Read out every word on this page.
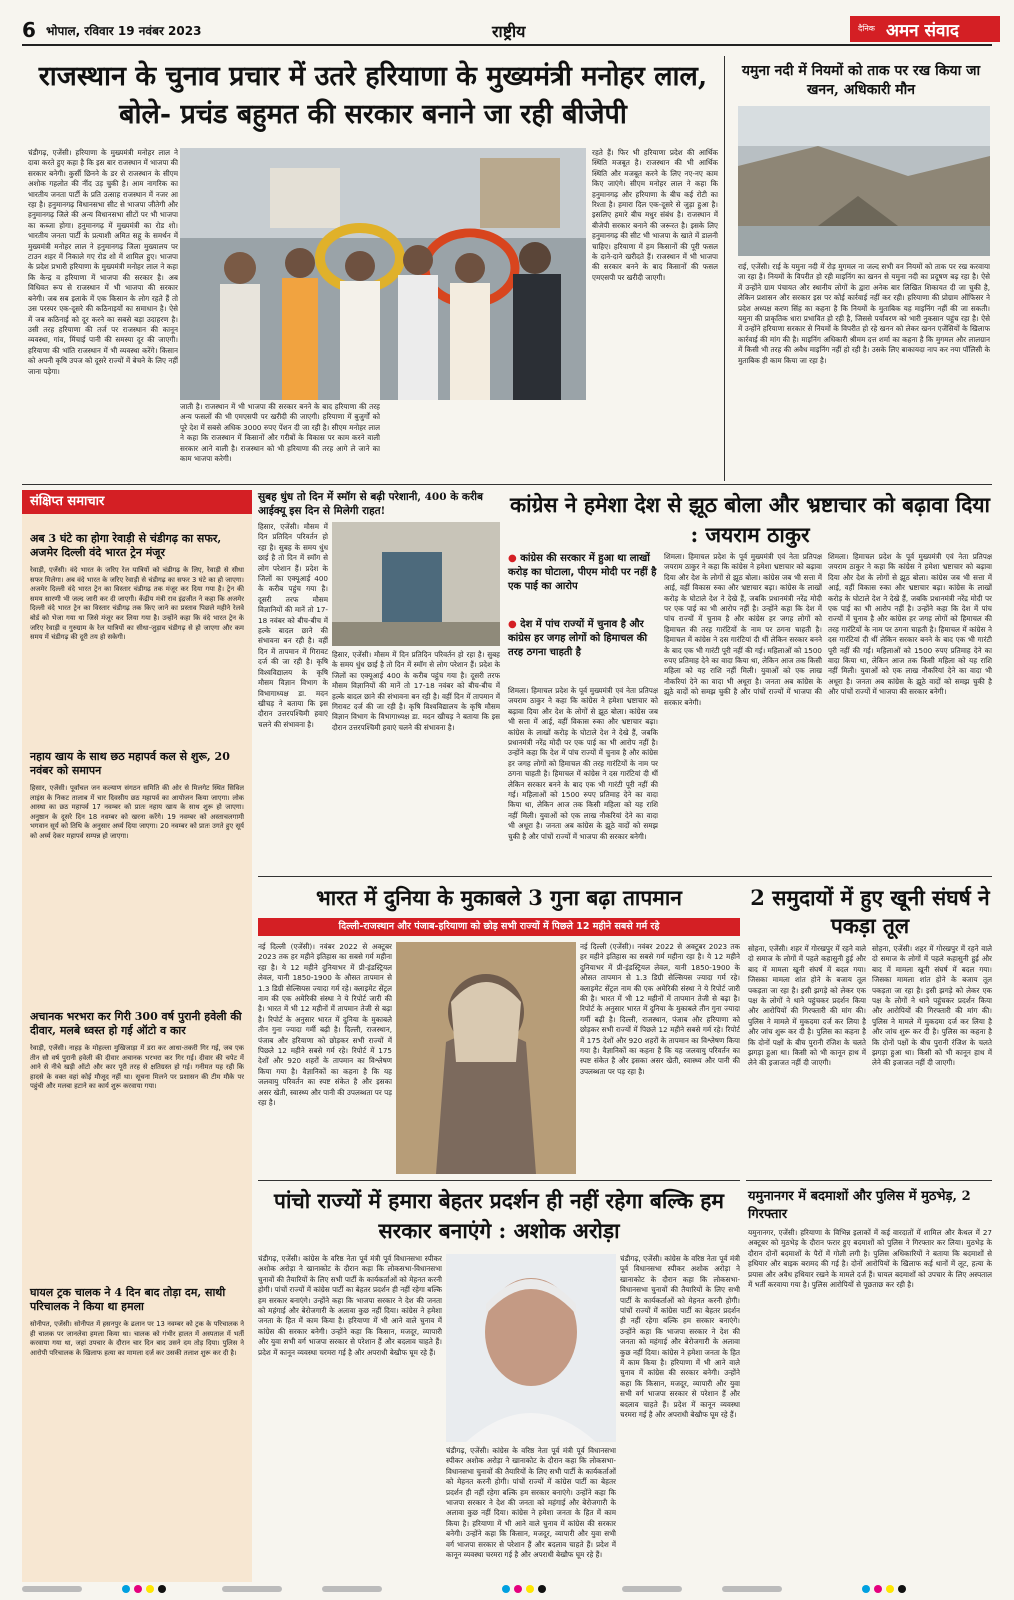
6 भोपाल, रविवार 19 नवंबर 2023	राष्ट्रीय	दैनिक अमन संवाद
राजस्थान के चुनाव प्रचार में उतरे हरियाणा के मुख्यमंत्री मनोहर लाल, बोले- प्रचंड बहुमत की सरकार बनाने जा रही बीजेपी
चंडीगढ़, एजेंसी। हरियाणा के मुख्यमंत्री मनोहर लाल ने दावा करते हुए कहा है कि इस बार राजस्थान में भाजपा की सरकार बनेगी। कुर्सी छिनने के डर से राजस्थान के सीएम अशोक गहलोत की नींद उड़ चुकी है। आम नागरिक का भारतीय जनता पार्टी के प्रति उत्साह राजस्थान में नजर आ रहा है। हनुमानगढ़ विधानसभा सीट से भाजपा जीतेगी और हनुमानगढ़ जिले की अन्य विधानसभा सीटों पर भी भाजपा का कब्जा होगा। हनुमानगढ़ में मुख्यमंत्री का रोड शो। भारतीय जनता पार्टी के प्रत्याशी अमित सहू के समर्थन में मुख्यमंत्री मनोहर लाल ने हनुमानगढ़ जिला मुख्यालय पर टाउन शहर में निकाले गए रोड शो में शामिल हुए। भाजपा के प्रदेश प्रभारी हरियाणा के मुख्यमंत्री मनोहर लाल ने कहा कि केन्द्र व हरियाणा में भाजपा की सरकार है। अब विधिवत रूप से राजस्थान में भी भाजपा की सरकार बनेगी। जब सब इलाके में एक किसान के लोग रहते हैं तो उस परस्पर एक-दूसरे की कठिनाइयों का समाधान है। ऐसे में जब कठिनाई को दूर करने का सबसे बड़ा उदाहरण है। उसी तरह हरियाणा की तर्ज पर राजस्थान की कानून व्यवस्था, गांव, मिंचाई पानी की समस्या दूर की जाएगी। हरियाणा की भांति राजस्थान में भी व्यवस्था करेंगे। किसान को अपनी कृषि उपज को दूसरे राज्यों में बेचने के लिए नहीं जाना पड़ेगा।
जाती है। राजस्थान में भी भाजपा की सरकार बनने के बाद हरियाणा की तरह अन्य फसलों की भी एमएसपी पर खरीदी की जाएगी। हरियाणा में बुजुर्गों को पूरे देश में सबसे अधिक 3000 रुपए पेंशन दी जा रही है। सीएम मनोहर लाल ने कहा कि राजस्थान में किसानों और गरीबों के विकास पर काम करने वाली सरकार आने वाली है। राजस्थान को भी हरियाणा की तरह आगे ले जाने का काम भाजपा करेगी।
रहते हैं। फिर भी हरियाणा प्रदेश की आर्थिक स्थिति मजबूत है। राजस्थान की भी आर्थिक स्थिति और मजबूत करने के लिए नए-नए काम किए जाएंगे। सीएम मनोहर लाल ने कहा कि हनुमानगढ़ और हरियाणा के बीच कई रोटी का रिश्ता है। हमारा दिल एक-दूसरे से जुड़ा हुआ है। इसलिए हमारे बीच मधुर संबंध है। राजस्थान में बीजेपी सरकार बनाने की जरूरत है। इसके लिए हनुमानगढ़ की सीट भी भाजपा के खाते में डालनी चाहिए। हरियाणा में हम किसानों की पूरी फसल के दाने-दाने खरीदते हैं। राजस्थान में भी भाजपा की सरकार बनने के बाद किसानों की फसल एमएसपी पर खरीदी जाएगी।
यमुना नदी में नियमों को ताक पर रख किया जा खनन, अधिकारी मौन
राई, एजेंसी। राई के यमुना नदी में रोड़ मुगमल ना जल्द सभी वन नियमों को ताक पर रख करवाया जा रहा है। नियमों के विपरीत हो रही माइनिंग का खनन से यमुना नदी का प्रदूषण बढ़ रहा है। ऐसे में उन्होंने ग्राम पंचायत और स्थानीय लोगों के द्वारा अनेक बार लिखित शिकायत दी जा चुकी है, लेकिन प्रशासन और सरकार इस पर कोई कार्रवाई नहीं कर रही। हरियाणा की प्रोग्राम ऑफिसर ने प्रदेश अध्यक्ष करण सिंह का कहना है कि नियमों के मुताबिक यह माइनिंग नहीं की जा सकती। यमुना की प्राकृतिक धारा प्रभावित हो रही है, जिससे पर्यावरण को भारी नुकसान पहुंच रहा है। ऐसे में उन्होंने हरियाणा सरकार से नियमों के विपरीत हो रहे खनन को लेकर खनन एजेंसियों के खिलाफ कार्रवाई की मांग की है। माइनिंग अधिकारी श्रीमम दत्त शर्मा का कहना है कि मुगमल और लालग्रान में किसी भी तरह की अवैध माइनिंग नहीं हो रही है। उसके लिए बाकायदा नाप कर नया पॉलिसी के मुताबिक ही काम किया जा रहा है।
संक्षिप्त समाचार
अब 3 घंटे का होगा रेवाड़ी से चंडीगढ़ का सफर, अजमेर दिल्ली वंदे भारत ट्रेन मंजूर
रेवाड़ी, एजेंसी। वंदे भारत के जरिए रेल यात्रियों को चंडीगढ़ के लिए, रेवाड़ी से सीधा सफर मिलेगा। अब वंदे भारत के जरिए रेवाड़ी से चंडीगढ़ का सफर 3 घंटे का हो जाएगा। अजमेर दिल्ली वंदे भारत ट्रेन का विस्तार चंडीगढ़ तक मंजूर कर दिया गया है। ट्रेन की समय सारणी भी जल्द जारी कर दी जाएगी। केंद्रीय मंत्री राव इंद्रजीत ने कहा कि अजमेर दिल्ली वंदे भारत ट्रेन का विस्तार चंडीगढ़ तक किए जाने का प्रस्ताव पिछले महीने रेलवे बोर्ड को भेजा गया था जिसे मंजूर कर लिया गया है। उन्होंने कहा कि वंदे भारत ट्रेन के जरिए रेवाड़ी व गुरुग्राम के रेल यात्रियों का सीधा-जुड़ाव चंडीगढ़ से हो जाएगा और कम समय में चंडीगढ़ की दूरी तय हो सकेगी।
नहाय खाय के साथ छठ महापर्व कल से शुरू, 20 नवंबर को समापन
हिसार, एजेंसी। पूर्वांचल जन कल्याण संगठन समिति की ओर से मिलगेट स्थित सिविल लाइंस के निकट तालाब में चार दिवसीय छठ महापर्व का आयोजन किया जाएगा। लोक आस्था का छठ महापर्व 17 नवम्बर को प्रातः नहाय खाय के साथ शुरू हो जाएगा। अनुष्ठान के दूसरे दिन 18 नवम्बर को खरना करेंगे। 19 नवम्बर को अस्ताचलगामी भगवान सूर्य को तिथि के अनुसार अर्घ्य दिया जाएगा। 20 नवम्बर को प्रातः उगते हुए सूर्य को अर्घ्य देकर महापर्व सम्पन्न हो जाएगा।
अचानक भरभरा कर गिरी 300 वर्ष पुरानी हवेली की दीवार, मलबे ध्वस्त हो गई ऑटो व कार
रेवाड़ी, एजेंसी। नाहड़ के मोहल्ला मुखिजाड़ा में डरा कर आधा-तकरी गिर गई, जब एक तीन सौ वर्ष पुरानी हवेली की दीवार अचानक भरभरा कर गिर गई। दीवार की चपेट में आने से नीचे खड़ी ऑटो और कार पूरी तरह से क्षतिग्रस्त हो गई। गनीमत यह रही कि हादसे के वक्त वहां कोई मौजूद नहीं था। सूचना मिलने पर प्रशासन की टीम मौके पर पहुंची और मलबा हटाने का कार्य शुरू करवाया गया।
घायल ट्रक चालक ने 4 दिन बाद तोड़ा दम, साथी परिचालक ने किया था हमला
सोनीपत, एजेंसी। सोनीपत में हसनपुर के ढलान पर 13 नवम्बर को ट्रक के परिचालक ने ही चालक पर जानलेवा हमला किया था। चालक को गंभीर हालत में अस्पताल में भर्ती करवाया गया था, जहां उपचार के दौरान चार दिन बाद उसने दम तोड़ दिया। पुलिस ने आरोपी परिचालक के खिलाफ हत्या का मामला दर्ज कर उसकी तलाश शुरू कर दी है।
सुबह धुंध तो दिन में स्मॉग से बढ़ी परेशानी, 400 के करीब आईक्यू इस दिन से मिलेगी राहत!
हिसार, एजेंसी। मौसम में दिन प्रतिदिन परिवर्तन हो रहा है। सुबह के समय धुंध छाई है तो दिन में स्मॉग से लोग परेशान हैं। प्रदेश के जिलों का एक्यूआई 400 के करीब पहुंच गया है। दूसरी तरफ मौसम विज्ञानियों की मानें तो 17-18 नवंबर को बीच-बीच में हल्के बादल छाने की संभावना बन रही है। वहीं दिन में तापमान में गिरावट दर्ज की जा रही है। कृषि विश्वविद्यालय के कृषि मौसम विज्ञान विभाग के विभागाध्यक्ष डा. मदन खीचड़ ने बताया कि इस दौरान उत्तरपश्चिमी हवाएं चलने की संभावना है।
हिसार, एजेंसी। मौसम में दिन प्रतिदिन परिवर्तन हो रहा है। सुबह के समय धुंध छाई है तो दिन में स्मॉग से लोग परेशान हैं। प्रदेश के जिलों का एक्यूआई 400 के करीब पहुंच गया है। दूसरी तरफ मौसम विज्ञानियों की मानें तो 17-18 नवंबर को बीच-बीच में हल्के बादल छाने की संभावना बन रही है। वहीं दिन में तापमान में गिरावट दर्ज की जा रही है। कृषि विश्वविद्यालय के कृषि मौसम विज्ञान विभाग के विभागाध्यक्ष डा. मदन खीचड़ ने बताया कि इस दौरान उत्तरपश्चिमी हवाएं चलने की संभावना है।
कांग्रेस ने हमेशा देश से झूठ बोला और भ्रष्टाचार को बढ़ावा दिया : जयराम ठाकुर
● कांग्रेस की सरकार में हुआ था लाखों करोड़ का घोटाला, पीएम मोदी पर नहीं है एक पाई का आरोप
● देश में पांच राज्यों में चुनाव है और कांग्रेस हर जगह लोगों को हिमाचल की तरह ठगना चाहती है
शिमला। हिमाचल प्रदेश के पूर्व मुख्यमंत्री एवं नेता प्रतिपक्ष जयराम ठाकुर ने कहा कि कांग्रेस ने हमेशा भ्रष्टाचार को बढ़ावा दिया और देश के लोगों से झूठ बोला। कांग्रेस जब भी सत्ता में आई, वहीं विकास रुका और भ्रष्टाचार बढ़ा। कांग्रेस के लाखों करोड़ के घोटाले देश ने देखे हैं, जबकि प्रधानमंत्री नरेंद्र मोदी पर एक पाई का भी आरोप नहीं है। उन्होंने कहा कि देश में पांच राज्यों में चुनाव है और कांग्रेस हर जगह लोगों को हिमाचल की तरह गारंटियों के नाम पर ठगना चाहती है। हिमाचल में कांग्रेस ने दस गारंटियां दी थीं लेकिन सरकार बनने के बाद एक भी गारंटी पूरी नहीं की गई। महिलाओं को 1500 रुपए प्रतिमाह देने का वादा किया था, लेकिन आज तक किसी महिला को यह राशि नहीं मिली। युवाओं को एक लाख नौकरियां देने का वादा भी अधूरा है। जनता अब कांग्रेस के झूठे वादों को समझ चुकी है और पांचों राज्यों में भाजपा की सरकार बनेगी।
शिमला। हिमाचल प्रदेश के पूर्व मुख्यमंत्री एवं नेता प्रतिपक्ष जयराम ठाकुर ने कहा कि कांग्रेस ने हमेशा भ्रष्टाचार को बढ़ावा दिया और देश के लोगों से झूठ बोला। कांग्रेस जब भी सत्ता में आई, वहीं विकास रुका और भ्रष्टाचार बढ़ा। कांग्रेस के लाखों करोड़ के घोटाले देश ने देखे हैं, जबकि प्रधानमंत्री नरेंद्र मोदी पर एक पाई का भी आरोप नहीं है। उन्होंने कहा कि देश में पांच राज्यों में चुनाव है और कांग्रेस हर जगह लोगों को हिमाचल की तरह गारंटियों के नाम पर ठगना चाहती है। हिमाचल में कांग्रेस ने दस गारंटियां दी थीं लेकिन सरकार बनने के बाद एक भी गारंटी पूरी नहीं की गई। महिलाओं को 1500 रुपए प्रतिमाह देने का वादा किया था, लेकिन आज तक किसी महिला को यह राशि नहीं मिली। युवाओं को एक लाख नौकरियां देने का वादा भी अधूरा है। जनता अब कांग्रेस के झूठे वादों को समझ चुकी है और पांचों राज्यों में भाजपा की सरकार बनेगी।
शिमला। हिमाचल प्रदेश के पूर्व मुख्यमंत्री एवं नेता प्रतिपक्ष जयराम ठाकुर ने कहा कि कांग्रेस ने हमेशा भ्रष्टाचार को बढ़ावा दिया और देश के लोगों से झूठ बोला। कांग्रेस जब भी सत्ता में आई, वहीं विकास रुका और भ्रष्टाचार बढ़ा। कांग्रेस के लाखों करोड़ के घोटाले देश ने देखे हैं, जबकि प्रधानमंत्री नरेंद्र मोदी पर एक पाई का भी आरोप नहीं है। उन्होंने कहा कि देश में पांच राज्यों में चुनाव है और कांग्रेस हर जगह लोगों को हिमाचल की तरह गारंटियों के नाम पर ठगना चाहती है। हिमाचल में कांग्रेस ने दस गारंटियां दी थीं लेकिन सरकार बनने के बाद एक भी गारंटी पूरी नहीं की गई। महिलाओं को 1500 रुपए प्रतिमाह देने का वादा किया था, लेकिन आज तक किसी महिला को यह राशि नहीं मिली। युवाओं को एक लाख नौकरियां देने का वादा भी अधूरा है। जनता अब कांग्रेस के झूठे वादों को समझ चुकी है और पांचों राज्यों में भाजपा की सरकार बनेगी।
भारत में दुनिया के मुकाबले 3 गुना बढ़ा तापमान
दिल्ली-राजस्थान और पंजाब-हरियाणा को छोड़ सभी राज्यों में पिछले 12 महीने सबसे गर्म रहे
नई दिल्ली (एजेंसी)। नवंबर 2022 से अक्टूबर 2023 तक हर महीने इतिहास का सबसे गर्म महीना रहा है। ये 12 महीने दुनियाभर में प्री-इंडस्ट्रियल लेवल, यानी 1850-1900 के औसत तापमान से 1.3 डिग्री सेल्सियस ज्यादा गर्म रहे। क्लाइमेट सेंट्रल नाम की एक अमेरिकी संस्था ने ये रिपोर्ट जारी की है। भारत में भी 12 महीनों में तापमान तेजी से बढ़ा है। रिपोर्ट के अनुसार भारत में दुनिया के मुकाबले तीन गुना ज्यादा गर्मी बढ़ी है। दिल्ली, राजस्थान, पंजाब और हरियाणा को छोड़कर सभी राज्यों में पिछले 12 महीने सबसे गर्म रहे। रिपोर्ट में 175 देशों और 920 शहरों के तापमान का विश्लेषण किया गया है। वैज्ञानिकों का कहना है कि यह जलवायु परिवर्तन का स्पष्ट संकेत है और इसका असर खेती, स्वास्थ्य और पानी की उपलब्धता पर पड़ रहा है।
नई दिल्ली (एजेंसी)। नवंबर 2022 से अक्टूबर 2023 तक हर महीने इतिहास का सबसे गर्म महीना रहा है। ये 12 महीने दुनियाभर में प्री-इंडस्ट्रियल लेवल, यानी 1850-1900 के औसत तापमान से 1.3 डिग्री सेल्सियस ज्यादा गर्म रहे। क्लाइमेट सेंट्रल नाम की एक अमेरिकी संस्था ने ये रिपोर्ट जारी की है। भारत में भी 12 महीनों में तापमान तेजी से बढ़ा है। रिपोर्ट के अनुसार भारत में दुनिया के मुकाबले तीन गुना ज्यादा गर्मी बढ़ी है। दिल्ली, राजस्थान, पंजाब और हरियाणा को छोड़कर सभी राज्यों में पिछले 12 महीने सबसे गर्म रहे। रिपोर्ट में 175 देशों और 920 शहरों के तापमान का विश्लेषण किया गया है। वैज्ञानिकों का कहना है कि यह जलवायु परिवर्तन का स्पष्ट संकेत है और इसका असर खेती, स्वास्थ्य और पानी की उपलब्धता पर पड़ रहा है।
2 समुदायों में हुए खूनी संघर्ष ने पकड़ा तूल
सोहना, एजेंसी। शहर में गोरखपुर में रहने वाले दो समाज के लोगों में पहले कहासुनी हुई और बाद में मामला खूनी संघर्ष में बदल गया। जिसका मामला शांत होने के बजाय तूल पकड़ता जा रहा है। इसी झगड़े को लेकर एक पक्ष के लोगों ने थाने पहुंचकर प्रदर्शन किया और आरोपियों की गिरफ्तारी की मांग की। पुलिस ने मामले में मुकदमा दर्ज कर लिया है और जांच शुरू कर दी है। पुलिस का कहना है कि दोनों पक्षों के बीच पुरानी रंजिश के चलते झगड़ा हुआ था। किसी को भी कानून हाथ में लेने की इजाजत नहीं दी जाएगी।
सोहना, एजेंसी। शहर में गोरखपुर में रहने वाले दो समाज के लोगों में पहले कहासुनी हुई और बाद में मामला खूनी संघर्ष में बदल गया। जिसका मामला शांत होने के बजाय तूल पकड़ता जा रहा है। इसी झगड़े को लेकर एक पक्ष के लोगों ने थाने पहुंचकर प्रदर्शन किया और आरोपियों की गिरफ्तारी की मांग की। पुलिस ने मामले में मुकदमा दर्ज कर लिया है और जांच शुरू कर दी है। पुलिस का कहना है कि दोनों पक्षों के बीच पुरानी रंजिश के चलते झगड़ा हुआ था। किसी को भी कानून हाथ में लेने की इजाजत नहीं दी जाएगी।
पांचो राज्यों में हमारा बेहतर प्रदर्शन ही नहीं रहेगा बल्कि हम सरकार बनाएंगे : अशोक अरोड़ा
चंडीगढ़, एजेंसी। कांग्रेस के वरिष्ठ नेता पूर्व मंत्री पूर्व विधानसभा स्पीकर अशोक अरोड़ा ने खानाकोट के दौरान कहा कि लोकसभा-विधानसभा चुनावों की तैयारियों के लिए सभी पार्टी के कार्यकर्ताओं को मेहनत करनी होगी। पांचों राज्यों में कांग्रेस पार्टी का बेहतर प्रदर्शन ही नहीं रहेगा बल्कि हम सरकार बनाएंगे। उन्होंने कहा कि भाजपा सरकार ने देश की जनता को महंगाई और बेरोजगारी के अलावा कुछ नहीं दिया। कांग्रेस ने हमेशा जनता के हित में काम किया है। हरियाणा में भी आने वाले चुनाव में कांग्रेस की सरकार बनेगी। उन्होंने कहा कि किसान, मजदूर, व्यापारी और युवा सभी वर्ग भाजपा सरकार से परेशान हैं और बदलाव चाहते हैं। प्रदेश में कानून व्यवस्था चरमरा गई है और अपराधी बेखौफ घूम रहे हैं।
चंडीगढ़, एजेंसी। कांग्रेस के वरिष्ठ नेता पूर्व मंत्री पूर्व विधानसभा स्पीकर अशोक अरोड़ा ने खानाकोट के दौरान कहा कि लोकसभा-विधानसभा चुनावों की तैयारियों के लिए सभी पार्टी के कार्यकर्ताओं को मेहनत करनी होगी। पांचों राज्यों में कांग्रेस पार्टी का बेहतर प्रदर्शन ही नहीं रहेगा बल्कि हम सरकार बनाएंगे। उन्होंने कहा कि भाजपा सरकार ने देश की जनता को महंगाई और बेरोजगारी के अलावा कुछ नहीं दिया। कांग्रेस ने हमेशा जनता के हित में काम किया है। हरियाणा में भी आने वाले चुनाव में कांग्रेस की सरकार बनेगी। उन्होंने कहा कि किसान, मजदूर, व्यापारी और युवा सभी वर्ग भाजपा सरकार से परेशान हैं और बदलाव चाहते हैं। प्रदेश में कानून व्यवस्था चरमरा गई है और अपराधी बेखौफ घूम रहे हैं।
चंडीगढ़, एजेंसी। कांग्रेस के वरिष्ठ नेता पूर्व मंत्री पूर्व विधानसभा स्पीकर अशोक अरोड़ा ने खानाकोट के दौरान कहा कि लोकसभा-विधानसभा चुनावों की तैयारियों के लिए सभी पार्टी के कार्यकर्ताओं को मेहनत करनी होगी। पांचों राज्यों में कांग्रेस पार्टी का बेहतर प्रदर्शन ही नहीं रहेगा बल्कि हम सरकार बनाएंगे। उन्होंने कहा कि भाजपा सरकार ने देश की जनता को महंगाई और बेरोजगारी के अलावा कुछ नहीं दिया। कांग्रेस ने हमेशा जनता के हित में काम किया है। हरियाणा में भी आने वाले चुनाव में कांग्रेस की सरकार बनेगी। उन्होंने कहा कि किसान, मजदूर, व्यापारी और युवा सभी वर्ग भाजपा सरकार से परेशान हैं और बदलाव चाहते हैं। प्रदेश में कानून व्यवस्था चरमरा गई है और अपराधी बेखौफ घूम रहे हैं।
यमुनानगर में बदमाशों और पुलिस में मुठभेड़, 2 गिरफ्तार
यमुनानगर, एजेंसी। हरियाणा के विभिन्न इलाकों में कई वारदातों में शामिल और कैथल में 27 अक्टूबर को मुठभेड़ के दौरान फरार हुए बदमाशों को पुलिस ने गिरफ्तार कर लिया। मुठभेड़ के दौरान दोनों बदमाशों के पैरों में गोली लगी है। पुलिस अधिकारियों ने बताया कि बदमाशों से हथियार और बाइक बरामद की गई है। दोनों आरोपियों के खिलाफ कई थानों में लूट, हत्या के प्रयास और अवैध हथियार रखने के मामले दर्ज हैं। घायल बदमाशों को उपचार के लिए अस्पताल में भर्ती करवाया गया है। पुलिस आरोपियों से पूछताछ कर रही है।
